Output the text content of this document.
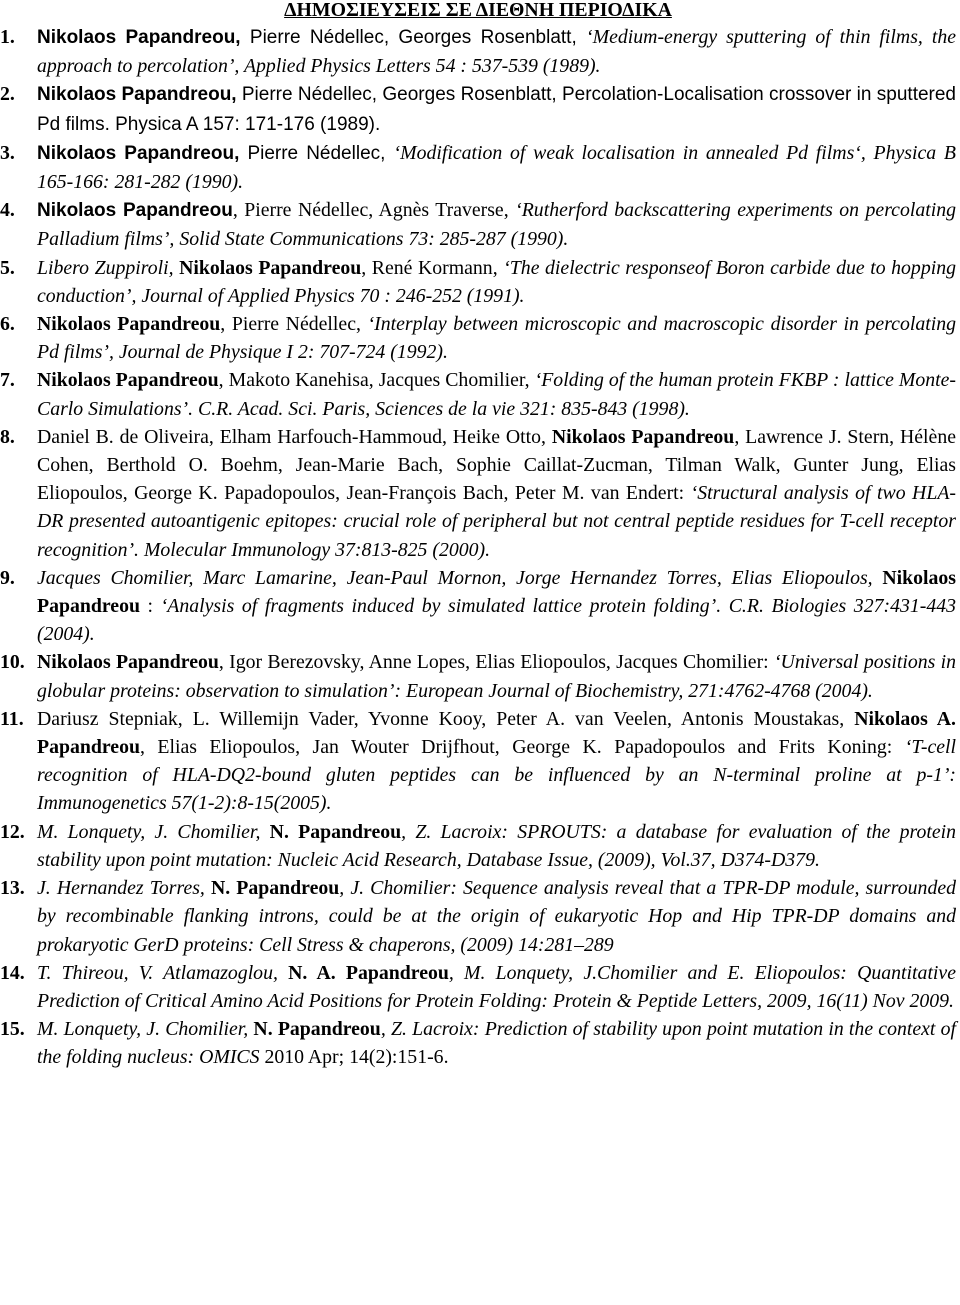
ΔΗΜΟΣΙΕΥΣΕΙΣ ΣΕ ΔΙΕΘΝΗ ΠΕΡΙΟΔΙΚΑ
1.	Nikolaos Papandreou, Pierre Nédellec, Georges Rosenblatt, ‘Medium-energy sputtering of thin films, the approach to percolation’, Applied Physics Letters 54 : 537-539 (1989).
2.	Nikolaos Papandreou, Pierre Nédellec, Georges Rosenblatt, Percolation-Localisation crossover in sputtered Pd films. Physica A 157: 171-176 (1989).
3.	Nikolaos Papandreou, Pierre Nédellec, ‘Modification of weak localisation in annealed Pd films‘, Physica B 165-166: 281-282 (1990).
4.	Nikolaos Papandreou, Pierre Nédellec, Agnès Traverse, ‘Rutherford backscattering experiments on percolating Palladium films’, Solid State Communications 73: 285-287 (1990).
5.	Libero Zuppiroli, Nikolaos Papandreou, René Kormann, ‘The dielectric responseof Boron carbide due to hopping conduction’, Journal of Applied Physics 70 : 246-252 (1991).
6.	Nikolaos Papandreou, Pierre Nédellec, ‘Interplay between microscopic and macroscopic disorder in percolating Pd films’, Journal de Physique I 2: 707-724 (1992).
7.	Nikolaos Papandreou, Makoto Kanehisa, Jacques Chomilier, ‘Folding of the human protein FKBP : lattice Monte-Carlo Simulations’. C.R. Acad. Sci. Paris, Sciences de la vie 321: 835-843 (1998).
8.	Daniel B. de Oliveira, Elham Harfouch-Hammoud, Heike Otto, Nikolaos Papandreou, Lawrence J. Stern, Hélène Cohen, Berthold O. Boehm, Jean-Marie Bach, Sophie Caillat-Zucman, Tilman Walk, Gunter Jung, Elias Eliopoulos, George K. Papadopoulos, Jean-François Bach, Peter M. van Endert: ‘Structural analysis of two HLA-DR presented autoantigenic epitopes: crucial role of peripheral but not central peptide residues for T-cell receptor recognition’. Molecular Immunology 37:813-825 (2000).
9.	Jacques Chomilier, Marc Lamarine, Jean-Paul Mornon, Jorge Hernandez Torres, Elias Eliopoulos, Nikolaos Papandreou : ‘Analysis of fragments induced by simulated lattice protein folding’. C.R. Biologies 327:431-443 (2004).
10. Nikolaos Papandreou, Igor Berezovsky, Anne Lopes, Elias Eliopoulos, Jacques Chomilier: ‘Universal positions in globular proteins: observation to simulation’: European Journal of Biochemistry, 271:4762-4768 (2004).
11. Dariusz Stepniak, L. Willemijn Vader, Yvonne Kooy, Peter A. van Veelen, Antonis Moustakas, Nikolaos A. Papandreou, Elias Eliopoulos, Jan Wouter Drijfhout, George K. Papadopoulos and Frits Koning: ‘T-cell recognition of HLA-DQ2-bound gluten peptides can be influenced by an N-terminal proline at p-1’: Immunogenetics 57(1-2):8-15(2005).
12. M. Lonquety, J. Chomilier, N. Papandreou, Z. Lacroix: SPROUTS: a database for evaluation of the protein stability upon point mutation: Nucleic Acid Research, Database Issue, (2009), Vol.37, D374-D379.
13. J. Hernandez Torres, N. Papandreou, J. Chomilier: Sequence analysis reveal that a TPR-DP module, surrounded by recombinable flanking introns, could be at the origin of eukaryotic Hop and Hip TPR-DP domains and prokaryotic GerD proteins: Cell Stress & chaperons, (2009) 14:281–289
14. T. Thireou, V. Atlamazoglou, N. A. Papandreou, M. Lonquety, J.Chomilier and E. Eliopoulos: Quantitative Prediction of Critical Amino Acid Positions for Protein Folding: Protein & Peptide Letters, 2009, 16(11) Nov 2009.
15. M. Lonquety, J. Chomilier, N. Papandreou, Z. Lacroix: Prediction of stability upon point mutation in the context of the folding nucleus: OMICS 2010 Apr; 14(2):151-6.
